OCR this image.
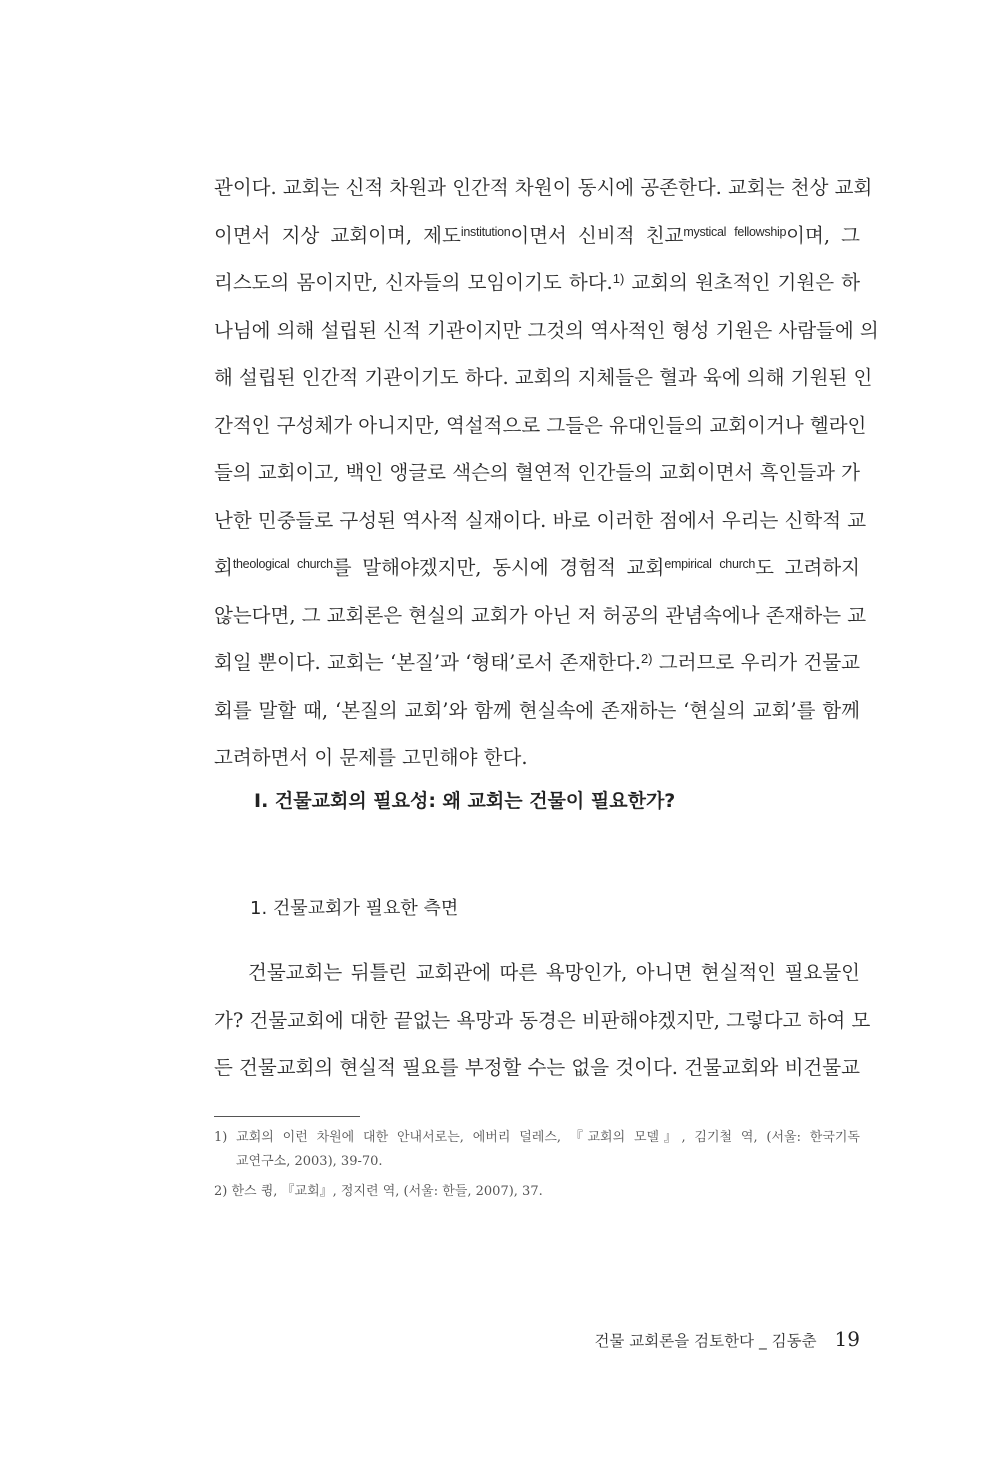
관이다. 교회는 신적 차원과 인간적 차원이 동시에 공존한다. 교회는 천상 교회
이면서 지상 교회이며, 제도$^{institution}$이면서 신비적 친교$^{mystical fellowship}$이며, 그
리스도의 몸이지만, 신자들의 모임이기도 하다.$^{1)}$ 교회의 원초적인 기원은 하
나님에 의해 설립된 신적 기관이지만 그것의 역사적인 형성 기원은 사람들에 의
해 설립된 인간적 기관이기도 하다. 교회의 지체들은 혈과 육에 의해 기원된 인
간적인 구성체가 아니지만, 역설적으로 그들은 유대인들의 교회이거나 헬라인
들의 교회이고, 백인 앵글로 색슨의 혈연적 인간들의 교회이면서 흑인들과 가
난한 민중들로 구성된 역사적 실재이다. 바로 이러한 점에서 우리는 신학적 교
회$^{theological church}$를 말해야겠지만, 동시에 경험적 교회$^{empirical church}$도 고려하지
않는다면, 그 교회론은 현실의 교회가 아닌 저 허공의 관념속에나 존재하는 교
회일 뿐이다. 교회는 ‘본질’과 ‘형태’로서 존재한다.$^{2)}$ 그러므로 우리가 건물교
회를 말할 때, ‘본질의 교회’와 함께 현실속에 존재하는 ‘현실의 교회’를 함께
고려하면서 이 문제를 고민해야 한다.
I. 건물교회의 필요성: 왜 교회는 건물이 필요한가?
1. 건물교회가 필요한 측면
건물교회는 뒤틀린 교회관에 따른 욕망인가, 아니면 현실적인 필요물인
가? 건물교회에 대한 끝없는 욕망과 동경은 비판해야겠지만, 그렇다고 하여 모
든 건물교회의 현실적 필요를 부정할 수는 없을 것이다. 건물교회와 비건물교
1) 교회의 이런 차원에 대한 안내서로는, 에버리 덜레스, 『교회의 모델』, 김기철 역, (서울: 한국기독
교연구소, 2003), 39-70.
2) 한스 큉, 『교회』, 정지련 역, (서울: 한들, 2007), 37.
건물 교회론을 검토한다 _ 김동춘 19
